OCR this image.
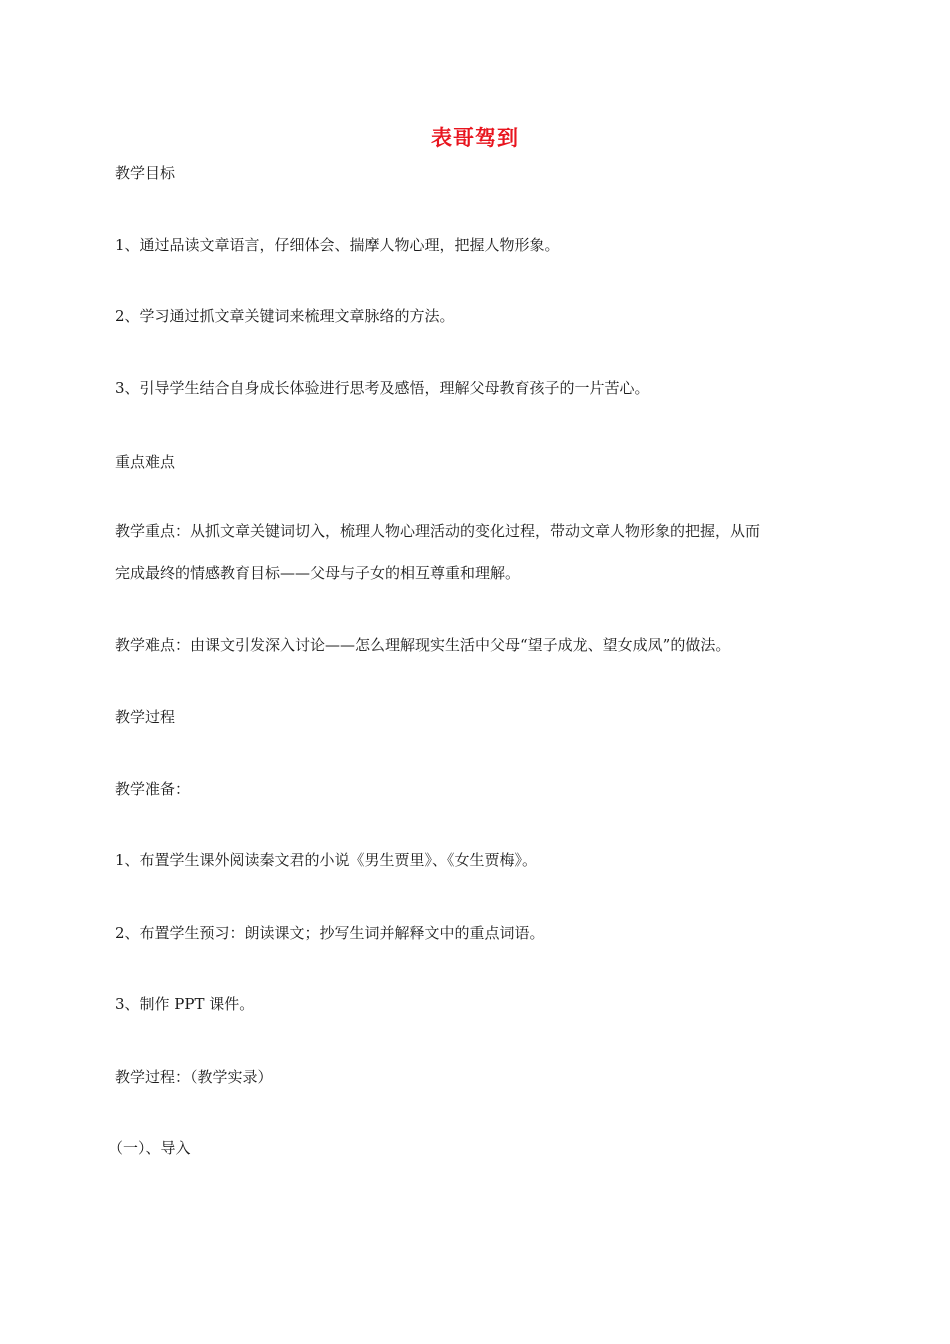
表哥驾到
教学目标
1、通过品读文章语言，仔细体会、揣摩人物心理，把握人物形象。
2、学习通过抓文章关键词来梳理文章脉络的方法。
3、引导学生结合自身成长体验进行思考及感悟，理解父母教育孩子的一片苦心。
重点难点
教学重点：从抓文章关键词切入，梳理人物心理活动的变化过程，带动文章人物形象的把握，从而
完成最终的情感教育目标——父母与子女的相互尊重和理解。
教学难点：由课文引发深入讨论——怎么理解现实生活中父母“望子成龙、望女成凤”的做法。
教学过程
教学准备：
1、布置学生课外阅读秦文君的小说《男生贾里》、《女生贾梅》。
2、布置学生预习：朗读课文；抄写生词并解释文中的重点词语。
3、制作 PPT 课件。
教学过程：（教学实录）
（一）、导入
